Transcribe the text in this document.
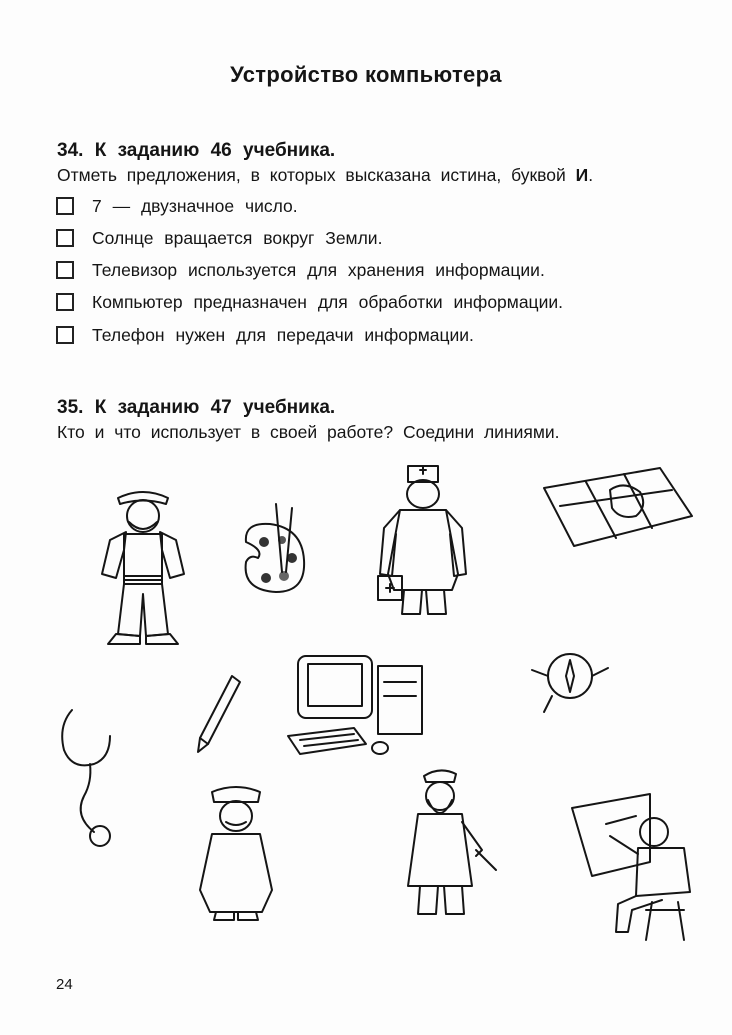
Устройство компьютера
34. К заданию 46 учебника.
Отметь предложения, в которых высказана истина, буквой И.
7 — двузначное число.
Солнце вращается вокруг Земли.
Телевизор используется для хранения информации.
Компьютер предназначен для обработки информации.
Телефон нужен для передачи информации.
35. К заданию 47 учебника.
Кто и что использует в своей работе? Соедини линиями.
24
